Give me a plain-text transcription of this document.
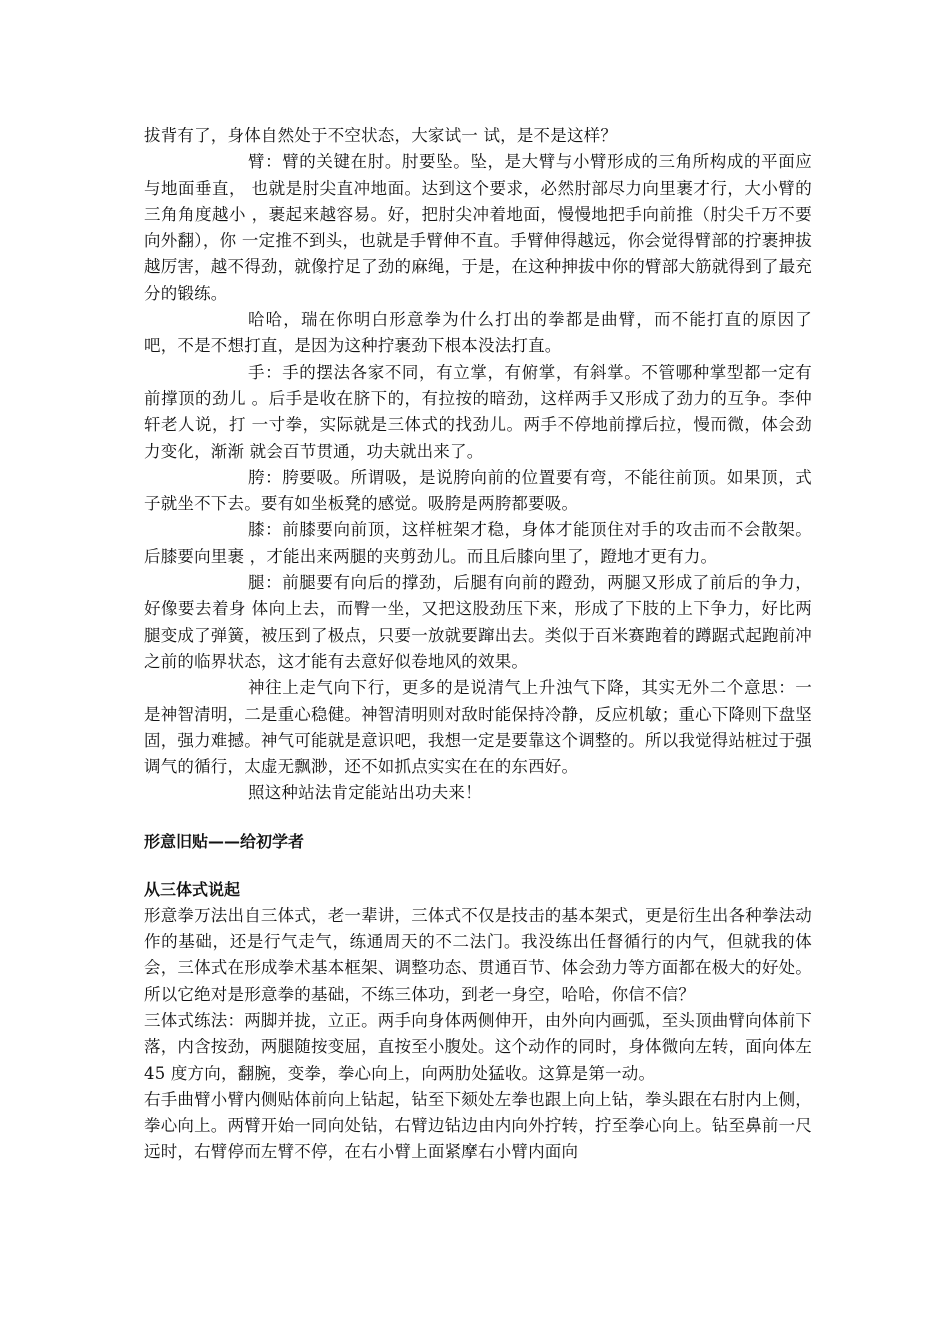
拔背有了，身体自然处于不空状态，大家试一 试，是不是这样？

臂：臂的关键在肘。肘要坠。坠，是大臂与小臂形成的三角所构成的平面应与地面垂直， 也就是肘尖直冲地面。达到这个要求，必然肘部尽力向里裹才行，大小臂的三角角度越小 ，裹起来越容易。好，把肘尖冲着地面，慢慢地把手向前推（肘尖千万不要向外翻），你 一定推不到头，也就是手臂伸不直。手臂伸得越远，你会觉得臂部的拧裹抻拔越厉害，越不得劲，就像拧足了劲的麻绳，于是，在这种抻拔中你的臂部大筋就得到了最充分的锻练。

哈哈，瑞在你明白形意拳为什么打出的拳都是曲臂，而不能打直的原因了吧，不是不想打直，是因为这种拧裹劲下根本没法打直。

手：手的摆法各家不同，有立掌，有俯掌，有斜掌。不管哪种掌型都一定有前撑顶的劲儿 。后手是收在脐下的，有拉按的暗劲，这样两手又形成了劲力的互争。李仲轩老人说，打 一寸拳，实际就是三体式的找劲儿。两手不停地前撑后拉，慢而微，体会劲力变化，渐渐 就会百节贯通，功夫就出来了。

胯：胯要吸。所谓吸，是说胯向前的位置要有弯，不能往前顶。如果顶，式子就坐不下去。要有如坐板凳的感觉。吸胯是两胯都要吸。

膝：前膝要向前顶，这样桩架才稳，身体才能顶住对手的攻击而不会散架。后膝要向里裹 ，才能出来两腿的夹剪劲儿。而且后膝向里了，蹬地才更有力。

腿：前腿要有向后的撑劲，后腿有向前的蹬劲，两腿又形成了前后的争力，好像要去着身 体向上去，而臀一坐，又把这股劲压下来，形成了下肢的上下争力，好比两腿变成了弹簧，被压到了极点，只要一放就要蹿出去。类似于百米赛跑着的蹲踞式起跑前冲之前的临界状态，这才能有去意好似卷地风的效果。

神往上走气向下行，更多的是说清气上升浊气下降，其实无外二个意思：一是神智清明，二是重心稳健。神智清明则对敌时能保持冷静，反应机敏；重心下降则下盘坚固，强力难撼。神气可能就是意识吧，我想一定是要靠这个调整的。所以我觉得站桩过于强调气的循行，太虚无飘渺，还不如抓点实实在在的东西好。

照这种站法肯定能站出功夫来！

形意旧贴——给初学者
从三体式说起

形意拳万法出自三体式，老一辈讲，三体式不仅是技击的基本架式，更是衍生出各种拳法动作的基础，还是行气走气，练通周天的不二法门。我没练出任督循行的内气，但就我的体会，三体式在形成拳术基本框架、调整功态、贯通百节、体会劲力等方面都在极大的好处。所以它绝对是形意拳的基础，不练三体功，到老一身空，哈哈，你信不信？

三体式练法：两脚并拢，立正。两手向身体两侧伸开，由外向内画弧，至头顶曲臂向体前下落，内含按劲，两腿随按变屈，直按至小腹处。这个动作的同时，身体微向左转，面向体左 45 度方向，翻腕，变拳，拳心向上，向两肋处猛收。这算是第一动。

右手曲臂小臂内侧贴体前向上钻起，钻至下颏处左拳也跟上向上钻，拳头跟在右肘内上侧，拳心向上。两臂开始一同向处钻，右臂边钻边由内向外拧转，拧至拳心向上。钻至鼻前一尺远时，右臂停而左臂不停，在右小臂上面紧摩右小臂内面向
